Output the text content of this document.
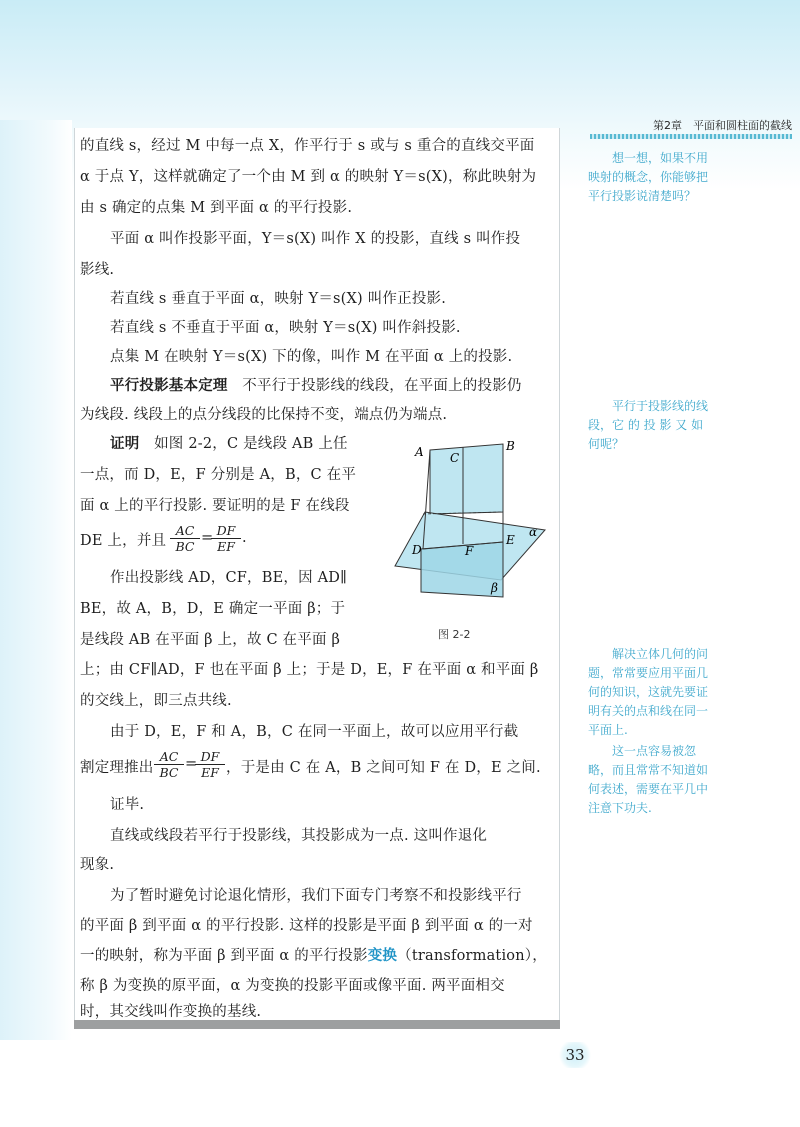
第2章　平面和圆柱面的截线
的直线 s，经过 M 中每一点 X，作平行于 s 或与 s 重合的直线交平面
α 于点 Y，这样就确定了一个由 M 到 α 的映射 Y＝s(X)，称此映射为
由 s 确定的点集 M 到平面 α 的平行投影.
平面 α 叫作投影平面，Y＝s(X) 叫作 X 的投影，直线 s 叫作投
影线.
若直线 s 垂直于平面 α，映射 Y＝s(X) 叫作正投影.
若直线 s 不垂直于平面 α，映射 Y＝s(X) 叫作斜投影.
点集 M 在映射 Y＝s(X) 下的像，叫作 M 在平面 α 上的投影.
平行投影基本定理　不平行于投影线的线段，在平面上的投影仍
为线段. 线段上的点分线段的比保持不变，端点仍为端点.
证明　如图 2-2，C 是线段 AB 上任
一点，而 D，E，F 分别是 A，B，C 在平
面 α 上的平行投影. 要证明的是 F 在线段
DE 上，并且 $\frac{AC}{BC}$ =
$\frac{DF}{EF}$ .
作出投影线 AD，CF，BE，因 AD∥
BE，故 A，B，D，E 确定一平面 β；于
是线段 AB 在平面 β 上，故 C 在平面 β
上；由 CF∥AD，F 也在平面 β 上；于是 D，E，F 在平面 α 和平面 β
的交线上，即三点共线.
由于 D，E，F 和 A，B，C 在同一平面上，故可以应用平行截
割定理推出 $\frac{AC}{BC}$ =
$\frac{DF}{EF}$ ，于是由 C 在 A，B 之间可知 F 在 D，E 之间.
证毕.
直线或线段若平行于投影线，其投影成为一点. 这叫作退化
现象.
为了暂时避免讨论退化情形，我们下面专门考察不和投影线平行
的平面 β 到平面 α 的平行投影. 这样的投影是平面 β 到平面 α 的一对
一的映射，称为平面 β 到平面 α 的平行投影变换（transformation），
称 β 为变换的原平面，α 为变换的投影平面或像平面. 两平面相交
时，其交线叫作变换的基线.
A	B
C
D
E
F
α
β
图 2-2

想一想，如果不用

映射的概念，你能够把

平行投影说清楚吗？

平行于投影线的线

段，它 的 投 影 又 如

何呢？

解决立体几何的问

题，常常要应用平面几

何的知识，这就先要证

明有关的点和线在同一

平面上.

这一点容易被忽

略，而且常常不知道如

何表述，需要在平几中

注意下功夫.

33
